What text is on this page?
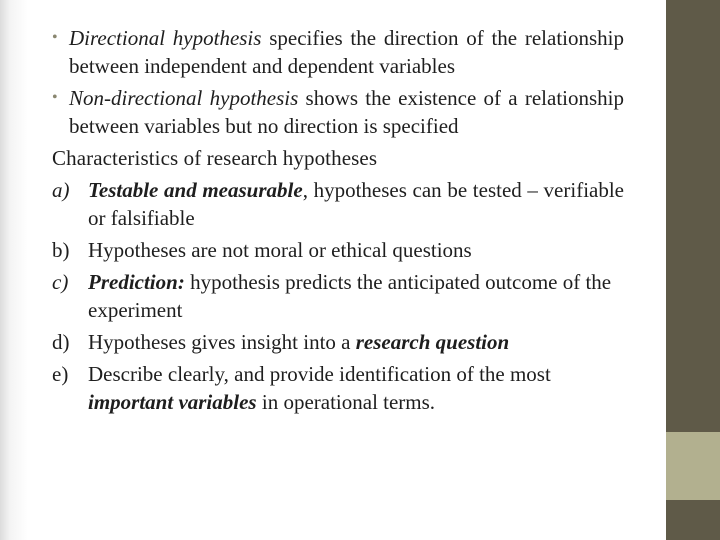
• Directional hypothesis specifies the direction of the relationship between independent and dependent variables
• Non-directional hypothesis shows the existence of a relationship between variables but no direction is specified
Characteristics of research hypotheses
a) Testable and measurable, hypotheses can be tested – verifiable or falsifiable
b) Hypotheses are not moral or ethical questions
c) Prediction: hypothesis predicts the anticipated outcome of the experiment
d) Hypotheses gives insight into a research question
e) Describe clearly, and provide identification of the most important variables in operational terms.
